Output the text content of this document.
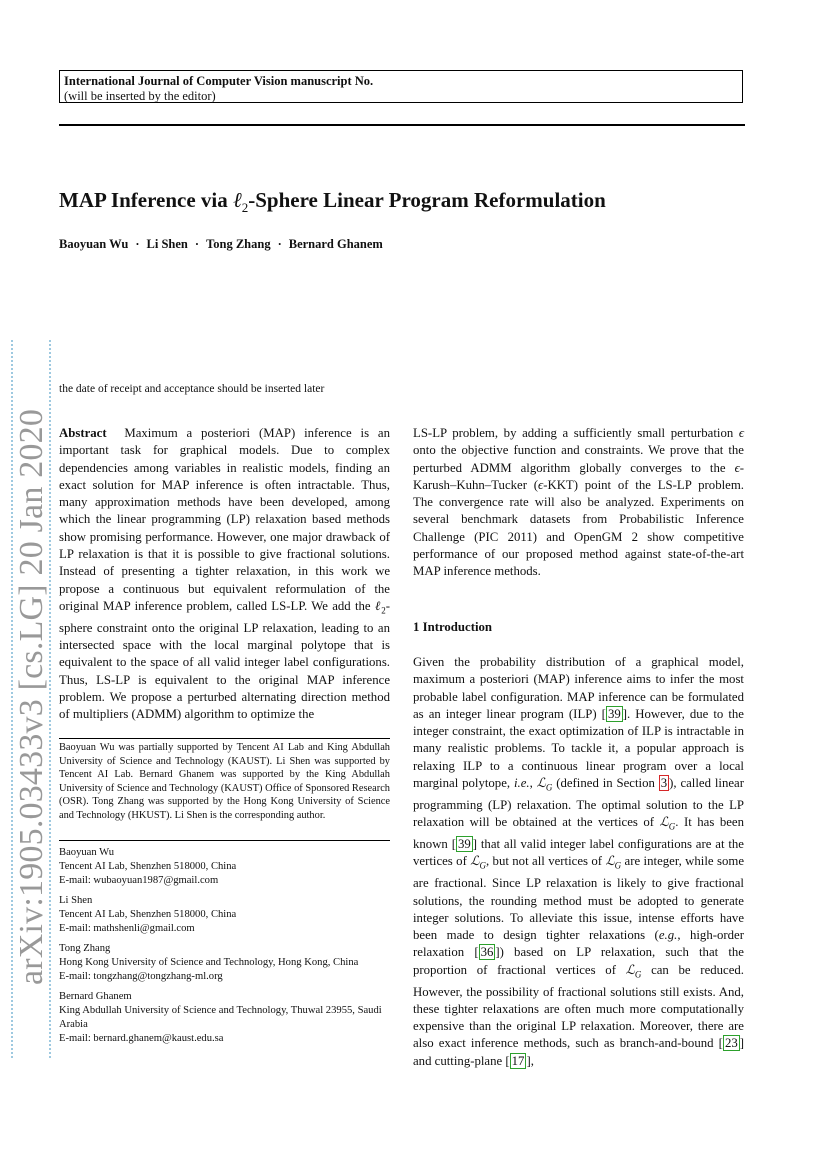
International Journal of Computer Vision manuscript No.
(will be inserted by the editor)
MAP Inference via ℓ$_2$-Sphere Linear Program Reformulation
Baoyuan Wu · Li Shen · Tong Zhang · Bernard Ghanem
arXiv:1905.03433v3 [cs.LG] 20 Jan 2020
the date of receipt and acceptance should be inserted later
Abstract Maximum a posteriori (MAP) inference is an important task for graphical models. Due to complex dependencies among variables in realistic models, finding an exact solution for MAP inference is often intractable. Thus, many approximation methods have been developed, among which the linear programming (LP) relaxation based methods show promising performance. However, one major drawback of LP relaxation is that it is possible to give fractional solutions. Instead of presenting a tighter relaxation, in this work we propose a continuous but equivalent reformulation of the original MAP inference problem, called LS-LP. We add the ℓ$_2$-sphere constraint onto the original LP relaxation, leading to an intersected space with the local marginal polytope that is equivalent to the space of all valid integer label configurations. Thus, LS-LP is equivalent to the original MAP inference problem. We propose a perturbed alternating direction method of multipliers (ADMM) algorithm to optimize the
LS-LP problem, by adding a sufficiently small perturbation ϵ onto the objective function and constraints. We prove that the perturbed ADMM algorithm globally converges to the ϵ-Karush–Kuhn–Tucker (ϵ-KKT) point of the LS-LP problem. The convergence rate will also be analyzed. Experiments on several benchmark datasets from Probabilistic Inference Challenge (PIC 2011) and OpenGM 2 show competitive performance of our proposed method against state-of-the-art MAP inference methods.
1 Introduction
Given the probability distribution of a graphical model, maximum a posteriori (MAP) inference aims to infer the most probable label configuration. MAP inference can be formulated as an integer linear program (ILP) [ 39 ]. However, due to the integer constraint, the exact optimization of ILP is intractable in many realistic problems. To tackle it, a popular approach is relaxing ILP to a continuous linear program over a local marginal polytope, i.e., ℒ$_G$ (defined in Section 3 ), called linear programming (LP) relaxation. The optimal solution to the LP relaxation will be obtained at the vertices of ℒ$_G$. It has been known [ 39 ] that all valid integer label configurations are at the vertices of ℒ$_G$, but not all vertices of ℒ$_G$ are integer, while some are fractional. Since LP relaxation is likely to give fractional solutions, the rounding method must be adopted to generate integer solutions. To alleviate this issue, intense efforts have been made to design tighter relaxations (e.g., high-order relaxation [ 36 ]) based on LP relaxation, such that the proportion of fractional vertices of ℒ$_G$ can be reduced. However, the possibility of fractional solutions still exists. And, these tighter relaxations are often much more computationally expensive than the original LP relaxation. Moreover, there are also exact inference methods, such as branch-and-bound [ 23 ] and cutting-plane [ 17 ],
Baoyuan Wu was partially supported by Tencent AI Lab and King Abdullah University of Science and Technology (KAUST). Li Shen was supported by Tencent AI Lab. Bernard Ghanem was supported by the King Abdullah University of Science and Technology (KAUST) Office of Sponsored Research (OSR). Tong Zhang was supported by the Hong Kong University of Science and Technology (HKUST). Li Shen is the corresponding author.
Baoyuan Wu
Tencent AI Lab, Shenzhen 518000, China
E-mail: wubaoyuan1987@gmail.com
Li Shen
Tencent AI Lab, Shenzhen 518000, China
E-mail: mathshenli@gmail.com
Tong Zhang
Hong Kong University of Science and Technology, Hong Kong, China
E-mail: tongzhang@tongzhang-ml.org
Bernard Ghanem
King Abdullah University of Science and Technology, Thuwal 23955, Saudi Arabia
E-mail: bernard.ghanem@kaust.edu.sa
